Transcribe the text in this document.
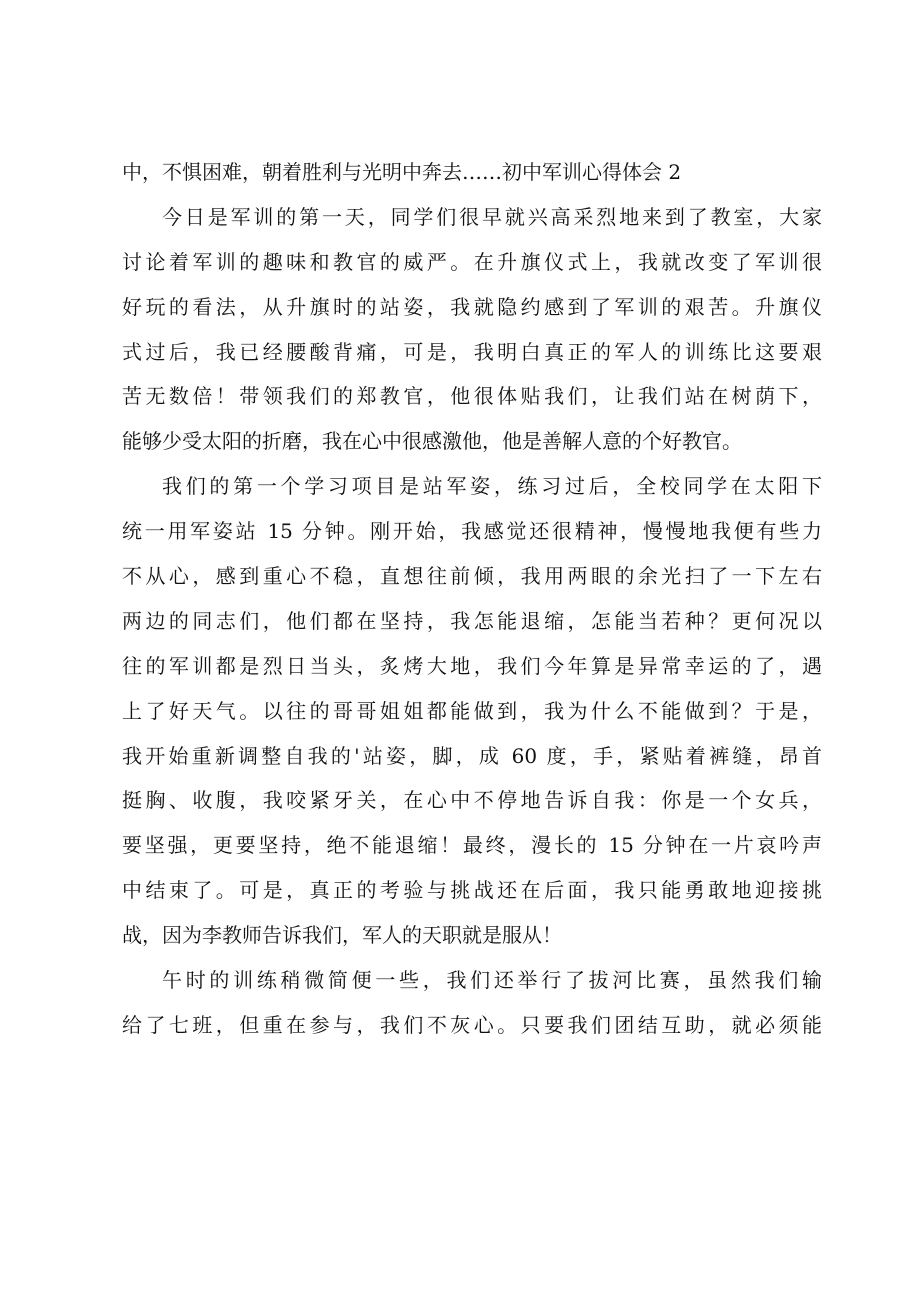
中，不惧困难，朝着胜利与光明中奔去……初中军训心得体会 2
今日是军训的第一天，同学们很早就兴高采烈地来到了教室，大家
讨论着军训的趣味和教官的威严。在升旗仪式上，我就改变了军训很
好玩的看法，从升旗时的站姿，我就隐约感到了军训的艰苦。升旗仪
式过后，我已经腰酸背痛，可是，我明白真正的军人的训练比这要艰
苦无数倍！带领我们的郑教官，他很体贴我们，让我们站在树荫下，
能够少受太阳的折磨，我在心中很感激他，他是善解人意的个好教官。
我们的第一个学习项目是站军姿，练习过后，全校同学在太阳下
统一用军姿站 15 分钟。刚开始，我感觉还很精神，慢慢地我便有些力
不从心，感到重心不稳，直想往前倾，我用两眼的余光扫了一下左右
两边的同志们，他们都在坚持，我怎能退缩，怎能当若种？更何况以
往的军训都是烈日当头，炙烤大地，我们今年算是异常幸运的了，遇
上了好天气。以往的哥哥姐姐都能做到，我为什么不能做到？于是，
我开始重新调整自我的'站姿，脚，成 60 度，手，紧贴着裤缝，昂首
挺胸、收腹，我咬紧牙关，在心中不停地告诉自我：你是一个女兵，
要坚强，更要坚持，绝不能退缩！最终，漫长的 15 分钟在一片哀吟声
中结束了。可是，真正的考验与挑战还在后面，我只能勇敢地迎接挑
战，因为李教师告诉我们，军人的天职就是服从！
午时的训练稍微简便一些，我们还举行了拔河比赛，虽然我们输
给了七班，但重在参与，我们不灰心。只要我们团结互助，就必须能
